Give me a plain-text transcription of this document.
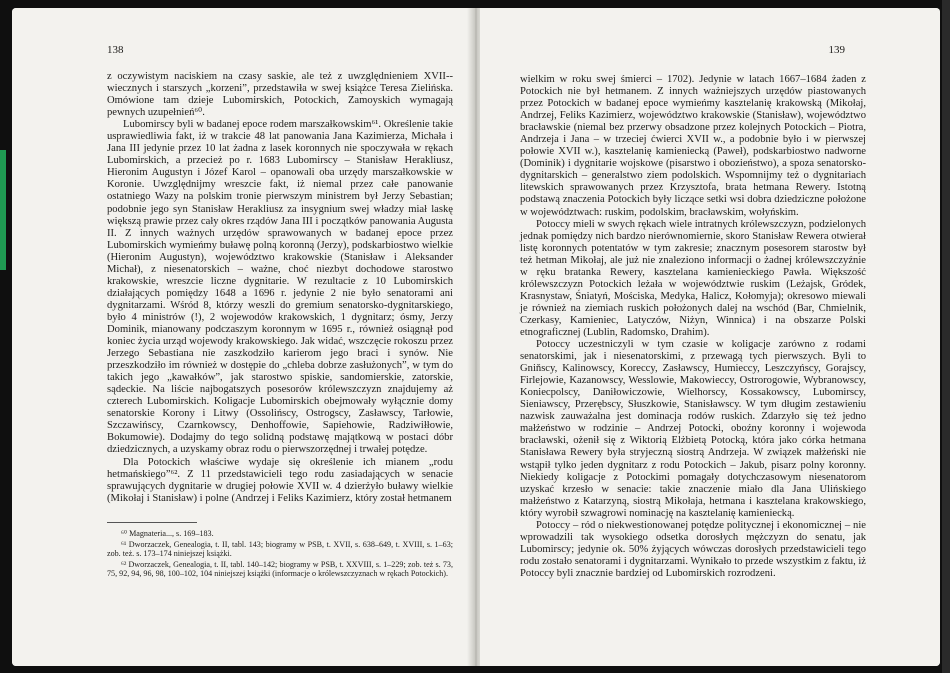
138

z oczywistym naciskiem na czasy saskie, ale też z uwzględnieniem XVII--wiecznych i starszych „korzeni”, przedstawiła w swej książce Teresa Zielińska. Omówione tam dzieje Lubomirskich, Potockich, Zamoyskich wymagają pewnych uzupełnień⁶⁰.

Lubomirscy byli w badanej epoce rodem marszałkowskim⁶¹. Określenie takie usprawiedliwia fakt, iż w trakcie 48 lat panowania Jana Kazimierza, Michała i Jana III jedynie przez 10 lat żadna z lasek koronnych nie spoczywała w rękach Lubomirskich, a przecież po r. 1683 Lubomirscy – Stanisław Herakliusz, Hieronim Augustyn i Józef Karol – opanowali oba urzędy marszałkowskie w Koronie. Uwzględnijmy wreszcie fakt, iż niemal przez całe panowanie ostatniego Wazy na polskim tronie pierwszym ministrem był Jerzy Sebastian; podobnie jego syn Stanisław Herakliusz za insygnium swej władzy miał laskę większą prawie przez cały okres rządów Jana III i początków panowania Augusta II. Z innych ważnych urzędów sprawowanych w badanej epoce przez Lubomirskich wymieńmy buławę polną koronną (Jerzy), podskarbiostwo wielkie (Hieronim Augustyn), województwo krakowskie (Stanisław i Aleksander Michał), z niesenatorskich – ważne, choć niezbyt dochodowe starostwo krakowskie, wreszcie liczne dygnitarie. W rezultacie z 10 Lubomirskich działających pomiędzy 1648 a 1696 r. jedynie 2 nie było senatorami ani dygnitarzami. Wśród 8, którzy weszli do gremium senatorsko-dygnitarskiego, było 4 ministrów (!), 2 wojewodów krakowskich, 1 dygnitarz; ósmy, Jerzy Dominik, mianowany podczaszym koronnym w 1695 r., również osiągnął pod koniec życia urząd wojewody krakowskiego. Jak widać, wszczęcie rokoszu przez Jerzego Sebastiana nie zaszkodziło karierom jego braci i synów. Nie przeszkodziło im również w dostępie do „chleba dobrze zasłużonych”, w tym do takich jego „kawałków”, jak starostwo spiskie, sandomierskie, zatorskie, sądeckie. Na liście najbogatszych posesorów królewszczyzn znajdujemy aż czterech Lubomirskich. Koligacje Lubomirskich obejmowały wyłącznie domy senatorskie Korony i Litwy (Ossolińscy, Ostrogscy, Zasławscy, Tarłowie, Szczawińscy, Czarnkowscy, Denhoffowie, Sapiehowie, Radziwiłłowie, Bokumowie). Dodajmy do tego solidną podstawę majątkową w postaci dóbr dziedzicznych, a uzyskamy obraz rodu o pierwszorzędnej i trwałej potędze.

Dla Potockich właściwe wydaje się określenie ich mianem „rodu hetmańskiego”⁶². Z 11 przedstawicieli tego rodu zasiadających w senacie sprawujących dygnitarie w drugiej połowie XVII w. 4 dzierżyło buławy wielkie (Mikołaj i Stanisław) i polne (Andrzej i Feliks Kazimierz, który został hetmanem

⁶⁰ Magnateria..., s. 169–183.
⁶¹ Dworzaczek, Genealogia, t. II, tabl. 143; biogramy w PSB, t. XVII, s. 638–649, t. XVIII, s. 1–63; zob. też. s. 173–174 niniejszej książki.
⁶² Dworzaczek, Genealogia, t. II, tabl. 140–142; biogramy w PSB, t. XXVIII, s. 1–229; zob. też s. 73, 75, 92, 94, 96, 98, 100–102, 104 niniejszej książki (informacje o królewszczyznach w rękach Potockich).
139

wielkim w roku swej śmierci – 1702). Jedynie w latach 1667–1684 żaden z Potockich nie był hetmanem. Z innych ważniejszych urzędów piastowanych przez Potockich w badanej epoce wymieńmy kasztelanię krakowską (Mikołaj, Andrzej, Feliks Kazimierz, województwo krakowskie (Stanisław), województwo bracławskie (niemal bez przerwy obsadzone przez kolejnych Potockich – Piotra, Andrzeja i Jana – w trzeciej ćwierci XVII w., a podobnie było i w pierwszej połowie XVII w.), kasztelanię kamieniecką (Paweł), podskarbiostwo nadworne (Dominik) i dygnitarie wojskowe (pisarstwo i obozieństwo), a spoza senatorsko-dygnitarskich – generalstwo ziem podolskich. Wspomnijmy też o dygnitariach litewskich sprawowanych przez Krzysztofa, brata hetmana Rewery. Istotną podstawą znaczenia Potockich były liczące setki wsi dobra dziedziczne położone w województwach: ruskim, podolskim, bracławskim, wołyńskim.

Potoccy mieli w swych rękach wiele intratnych królewszczyzn, podzielonych jednak pomiędzy nich bardzo nierównomiernie, skoro Stanisław Rewera otwierał listę koronnych potentatów w tym zakresie; znacznym posesorem starostw był też hetman Mikołaj, ale już nie znaleziono informacji o żadnej królewszczyźnie w ręku bratanka Rewery, kasztelana kamienieckiego Pawła. Większość królewszczyzn Potockich leżała w województwie ruskim (Leżajsk, Gródek, Krasnystaw, Śniatyń, Mościska, Medyka, Halicz, Kołomyja); okresowo miewali je również na ziemiach ruskich położonych dalej na wschód (Bar, Chmielnik, Czerkasy, Kamieniec, Latyczów, Niżyn, Winnica) i na obszarze Polski etnograficznej (Lublin, Radomsko, Drahim).

Potoccy uczestniczyli w tym czasie w koligacje zarówno z rodami senatorskimi, jak i niesenatorskimi, z przewagą tych pierwszych. Byli to Gniňscy, Kalinowscy, Koreccy, Zasławscy, Humieccy, Leszczyńscy, Gorajscy, Firlejowie, Kazanowscy, Wesslowie, Makowieccy, Ostrorogowie, Wybranowscy, Koniecpolscy, Daniłowiczowie, Wielhorscy, Kossakowscy, Lubomirscy, Sieniawscy, Przerębscy, Słuszkowie, Stanisławscy. W tym długim zestawieniu nazwisk zauważalna jest dominacja rodów ruskich. Zdarzyło się też jedno małżeństwo w rodzinie – Andrzej Potocki, oboźny koronny i wojewoda bracławski, ożenił się z Wiktorią Elżbietą Potocką, która jako córka hetmana Stanisława Rewery była stryjeczną siostrą Andrzeja. W związek małżeński nie wstąpił tylko jeden dygnitarz z rodu Potockich – Jakub, pisarz polny koronny. Niekiedy koligacje z Potockimi pomagały dotychczasowym niesenatorom uzyskać krzesło w senacie: takie znaczenie miało dla Jana Ulińskiego małżeństwo z Katarzyną, siostrą Mikołaja, hetmana i kasztelana krakowskiego, który wyrobił szwagrowi nominację na kasztelanię kamieniecką.

Potoccy – ród o niekwestionowanej potędze politycznej i ekonomicznej – nie wprowadzili tak wysokiego odsetka dorosłych mężczyzn do senatu, jak Lubomirscy; jedynie ok. 50% żyjących wówczas dorosłych przedstawicieli tego rodu zostało senatorami i dygnitarzami. Wynikało to przede wszystkim z faktu, iż Potoccy byli znacznie bardziej od Lubomirskich rozrodzeni.
